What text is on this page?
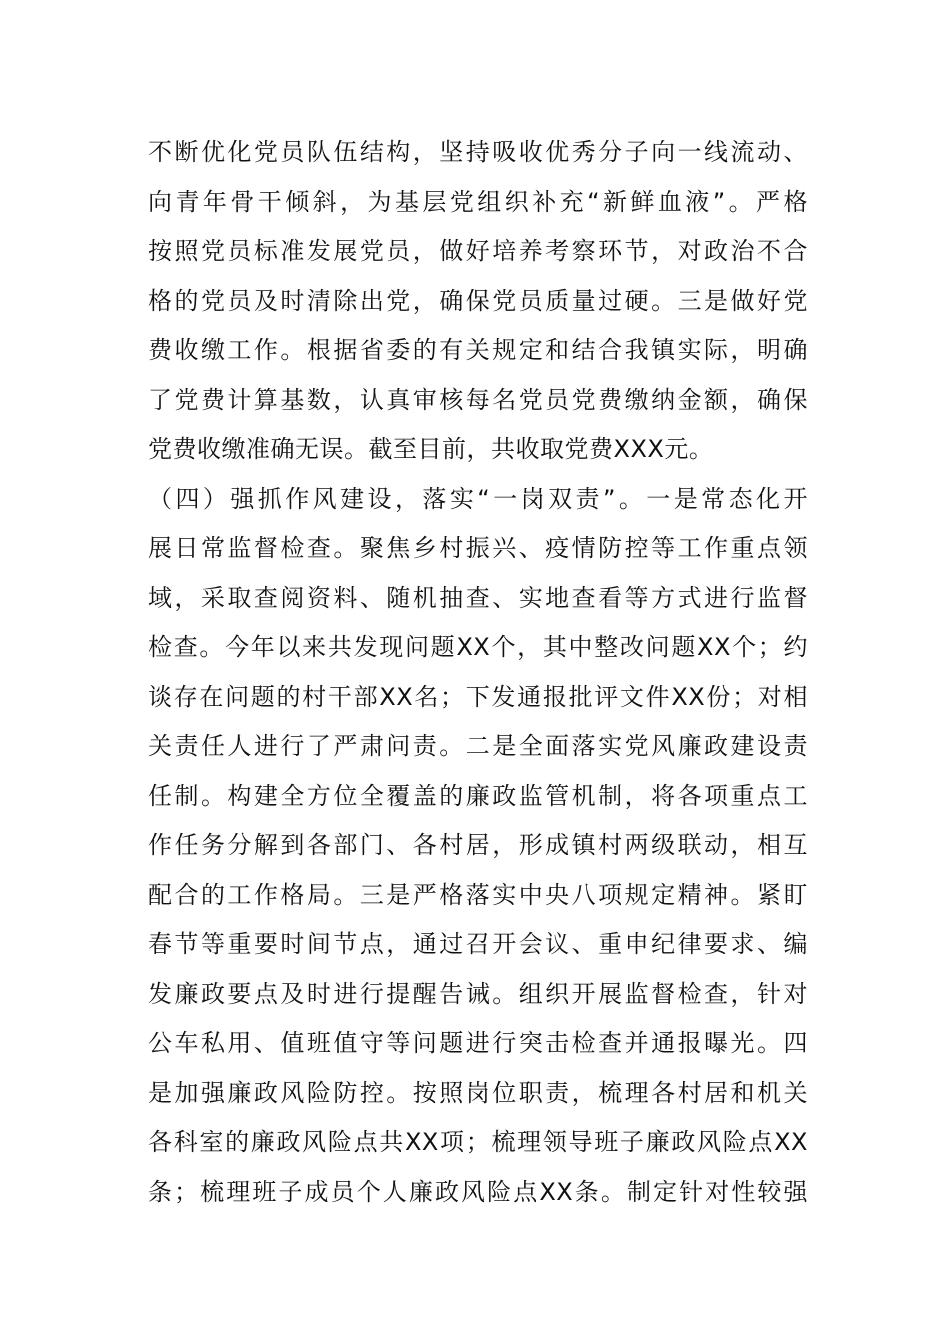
不断优化党员队伍结构，坚持吸收优秀分子向一线流动、
向青年骨干倾斜，为基层党组织补充“新鲜血液”。严格
按照党员标准发展党员，做好培养考察环节，对政治不合
格的党员及时清除出党，确保党员质量过硬。三是做好党
费收缴工作。根据省委的有关规定和结合我镇实际，明确
了党费计算基数，认真审核每名党员党费缴纳金额，确保
党费收缴准确无误。截至目前，共收取党费XXX元。
（四）强抓作风建设，落实“一岗双责”。一是常态化开
展日常监督检查。聚焦乡村振兴、疫情防控等工作重点领
域，采取查阅资料、随机抽查、实地查看等方式进行监督
检查。今年以来共发现问题XX个，其中整改问题XX个；约
谈存在问题的村干部XX名；下发通报批评文件XX份；对相
关责任人进行了严肃问责。二是全面落实党风廉政建设责
任制。构建全方位全覆盖的廉政监管机制，将各项重点工
作任务分解到各部门、各村居，形成镇村两级联动，相互
配合的工作格局。三是严格落实中央八项规定精神。紧盯
春节等重要时间节点，通过召开会议、重申纪律要求、编
发廉政要点及时进行提醒告诫。组织开展监督检查，针对
公车私用、值班值守等问题进行突击检查并通报曝光。四
是加强廉政风险防控。按照岗位职责，梳理各村居和机关
各科室的廉政风险点共XX项；梳理领导班子廉政风险点XX
条；梳理班子成员个人廉政风险点XX条。制定针对性较强
